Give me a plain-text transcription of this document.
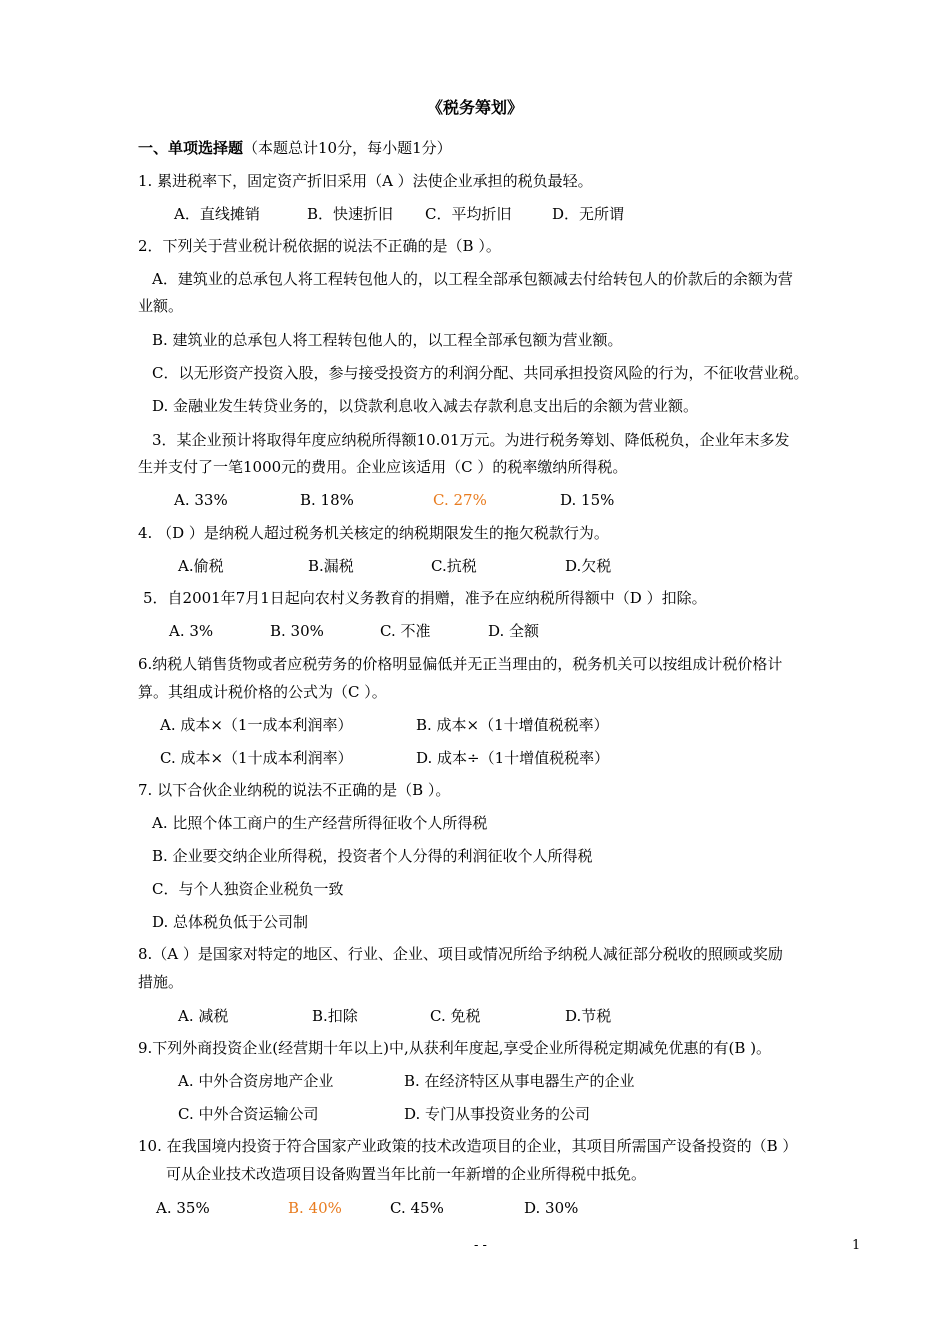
《税务筹划》
一、单项选择题（本题总计10分，每小题1分）
1. 累进税率下，固定资产折旧采用（A ）法使企业承担的税负最轻。
A．直线摊销	B．快速折旧 C．平均折旧	D．无所谓
2．下列关于营业税计税依据的说法不正确的是（B ）。
A．建筑业的总承包人将工程转包他人的，以工程全部承包额减去付给转包人的价款后的余额为营
业额。
B. 建筑业的总承包人将工程转包他人的，以工程全部承包额为营业额。
C．以无形资产投资入股，参与接受投资方的利润分配、共同承担投资风险的行为，不征收营业税。
D. 金融业发生转贷业务的，以贷款利息收入减去存款利息支出后的余额为营业额。
3．某企业预计将取得年度应纳税所得额10.01万元。为进行税务筹划、降低税负，企业年末多发
生并支付了一笔1000元的费用。企业应该适用（C ）的税率缴纳所得税。
A. 33%	B. 18%	C. 27%	D. 15%
4. （D ）是纳税人超过税务机关核定的纳税期限发生的拖欠税款行为。
A.偷税	B.漏税	C.抗税	D.欠税
5．自2001年7月1日起向农村义务教育的捐赠，准予在应纳税所得额中（D ）扣除。
A. 3%	B. 30%	C. 不准	D. 全额
6.纳税人销售货物或者应税劳务的价格明显偏低并无正当理由的，税务机关可以按组成计税价格计
算。其组成计税价格的公式为（C ）。
A. 成本×（1一成本利润率）	B. 成本×（1十增值税税率）
C. 成本×（1十成本利润率）	D. 成本÷（1十增值税税率）
7. 以下合伙企业纳税的说法不正确的是（B ）。
A. 比照个体工商户的生产经营所得征收个人所得税
B. 企业要交纳企业所得税，投资者个人分得的利润征收个人所得税
C．与个人独资企业税负一致
D. 总体税负低于公司制
8.（A ）是国家对特定的地区、行业、企业、项目或情况所给予纳税人减征部分税收的照顾或奖励
措施。
A. 减税	B.扣除	C. 免税	D.节税
9.下列外商投资企业(经营期十年以上)中,从获利年度起,享受企业所得税定期减免优惠的有(B )。
A. 中外合资房地产企业	B. 在经济特区从事电器生产的企业
C. 中外合资运输公司	D. 专门从事投资业务的公司
10. 在我国境内投资于符合国家产业政策的技术改造项目的企业，其项目所需国产设备投资的（B ）
可从企业技术改造项目设备购置当年比前一年新增的企业所得税中抵免。
A. 35%	B. 40%	C. 45%	D. 30%
- -	1
